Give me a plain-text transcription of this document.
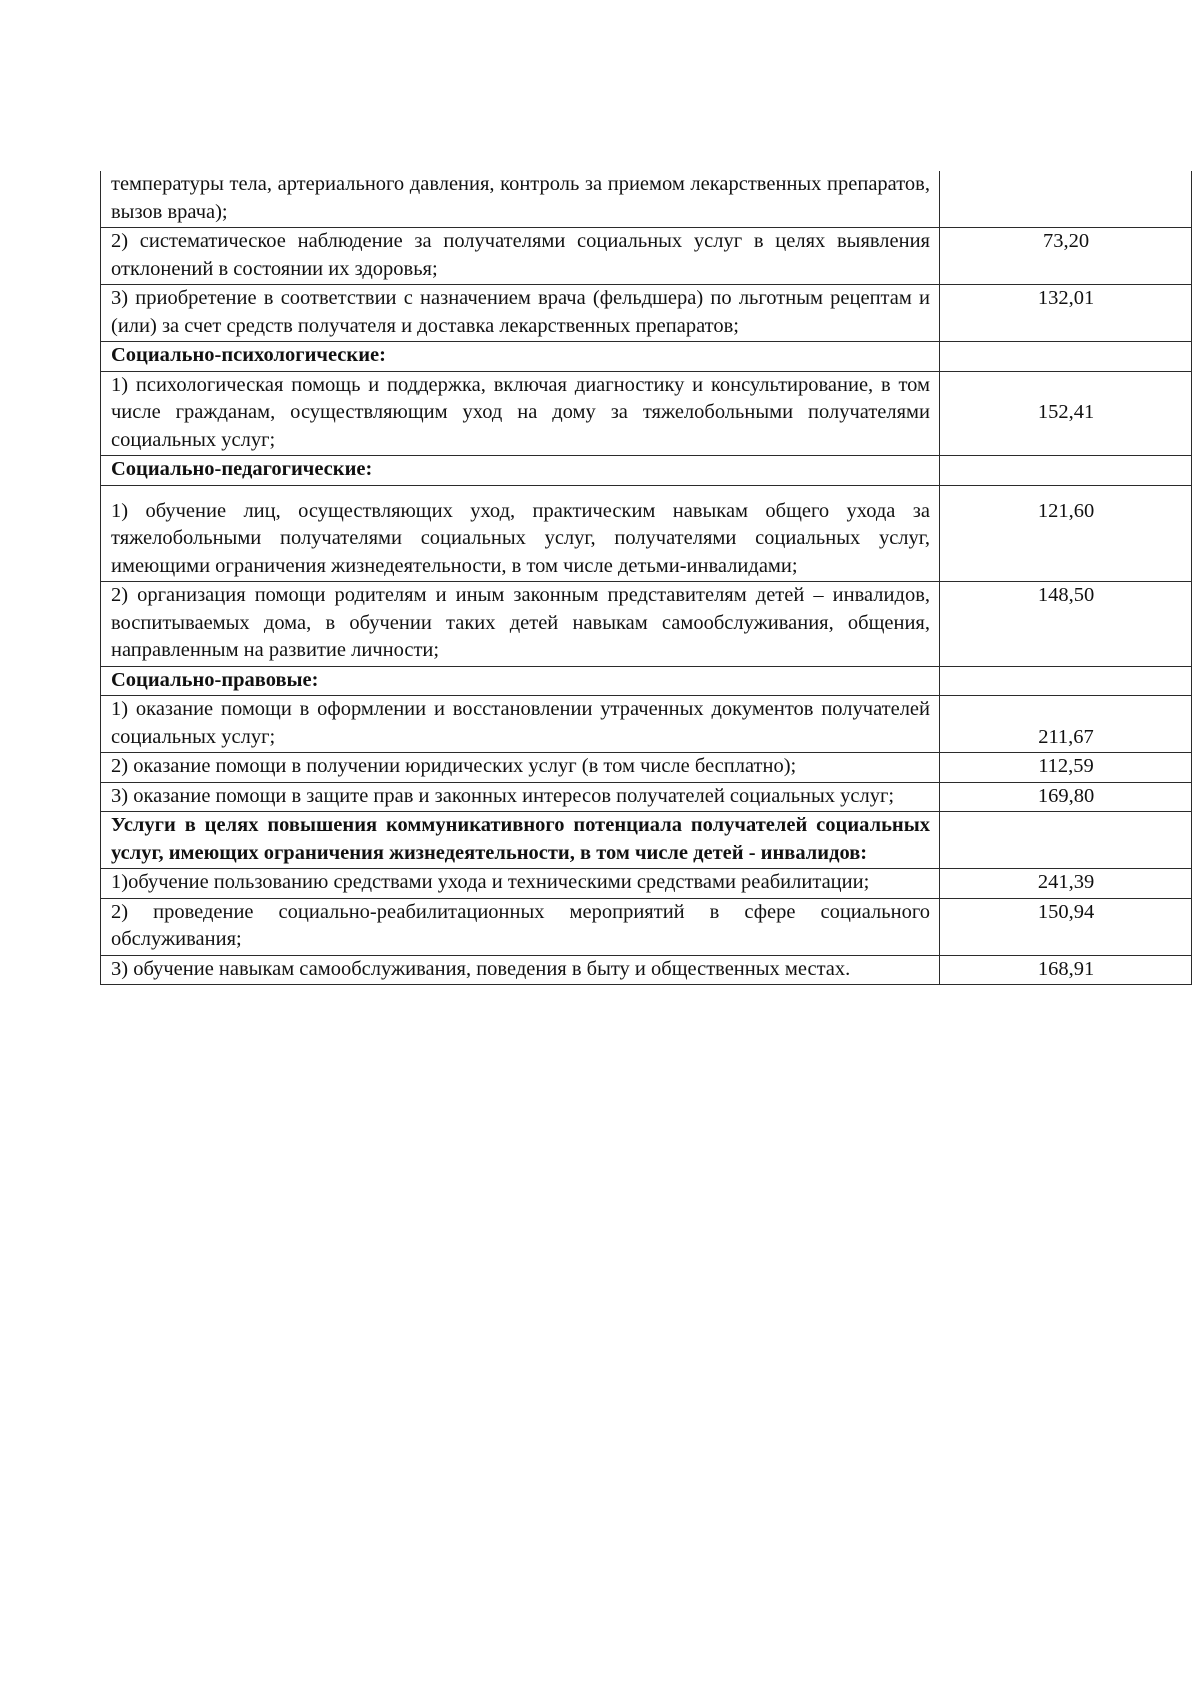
температуры тела, артериального давления, контроль за приемом лекарственных препаратов, вызов врача);	
2) систематическое наблюдение за получателями социальных услуг в целях выявления отклонений в состоянии их здоровья;	73,20
3) приобретение в соответствии с назначением врача (фельдшера) по льготным рецептам и (или) за счет средств получателя и доставка лекарственных препаратов;	132,01
Социально-психологические:	
1) психологическая помощь и поддержка, включая диагностику и консультирование, в том числе гражданам, осуществляющим уход на дому за тяжелобольными получателями социальных услуг;	152,41
Социально-педагогические:	
1) обучение лиц, осуществляющих уход, практическим навыкам общего ухода за тяжелобольными получателями социальных услуг, получателями социальных услуг, имеющими ограничения жизнедеятельности, в том числе детьми-инвалидами;	121,60
2) организация помощи родителям и иным законным представителям детей – инвалидов, воспитываемых дома, в обучении таких детей навыкам самообслуживания, общения, направленным на развитие личности;	148,50
Социально-правовые:	
1) оказание помощи в оформлении и восстановлении утраченных документов получателей социальных услуг;	211,67
2) оказание помощи в получении юридических услуг (в том числе бесплатно);	112,59
3) оказание помощи в защите прав и законных интересов получателей социальных услуг;	169,80
Услуги в целях повышения коммуникативного потенциала получателей социальных услуг, имеющих ограничения жизнедеятельности, в том числе детей - инвалидов:	
1)обучение пользованию средствами ухода и техническими средствами реабилитации;	241,39
2) проведение социально-реабилитационных мероприятий в сфере социального обслуживания;	150,94
3) обучение навыкам самообслуживания, поведения в быту и общественных местах.	168,91
